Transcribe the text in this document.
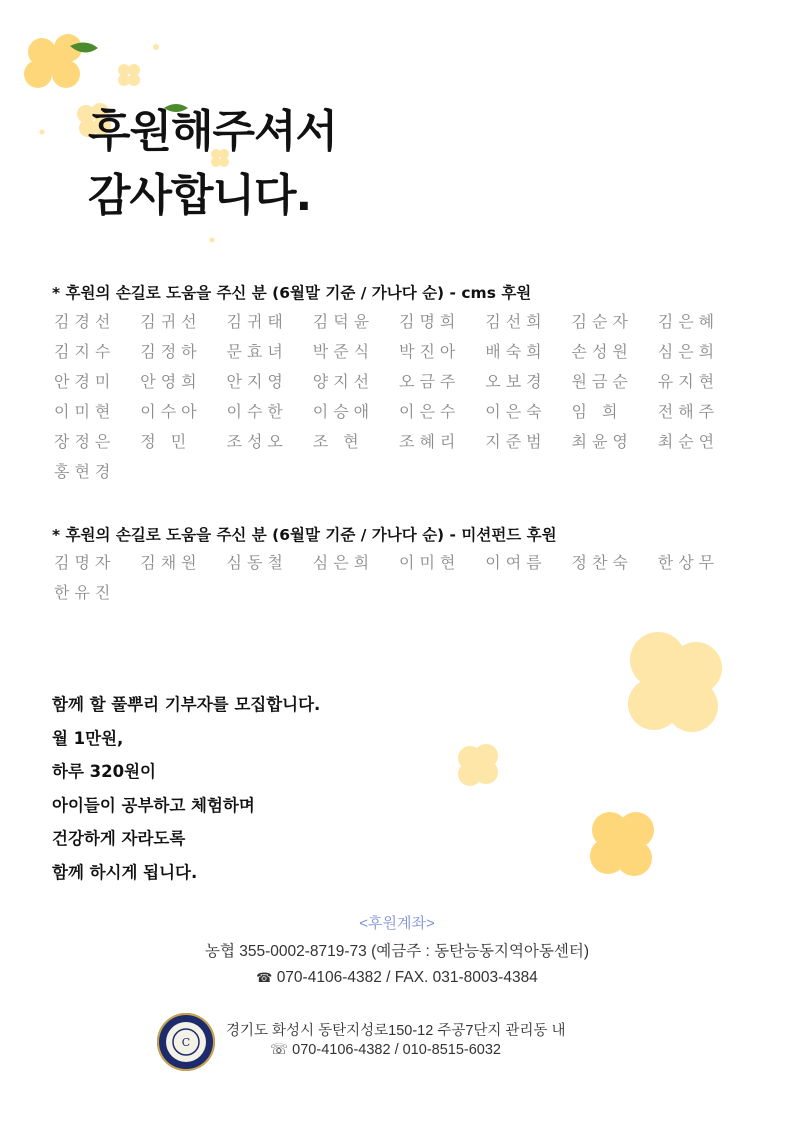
후원해주셔서
감사합니다.
* 후원의 손길로 도움을 주신 분 (6월말 기준 / 가나다 순) - cms 후원
김경선	김귀선	김귀태	김덕윤	김명희	김선희	김순자	김은혜
김지수	김정하	문효녀	박준식	박진아	배숙희	손성원	심은희
안경미	안영희	안지영	양지선	오금주	오보경	원금순	유지현
이미현	이수아	이수한	이승애	이은수	이은숙	임 희	전해주
장정은	정 민	조성오	조 현	조혜리	지준범	최윤영	최순연
홍현경
* 후원의 손길로 도움을 주신 분 (6월말 기준 / 가나다 순) - 미션펀드 후원
김명자	김채원	심동철	심은희	이미현	이여름	정찬숙	한상무
한유진
함께 할 풀뿌리 기부자를 모집합니다.
월 1만원,
하루 320원이
아이들이 공부하고 체험하며
건강하게 자라도록
함께 하시게 됩니다.
<후원계좌>
농협 355-0002-8719-73 (예금주 : 동탄능동지역아동센터)
☎ 070-4106-4382 / FAX. 031-8003-4384
C
경기도 화성시 동탄지성로150-12 주공7단지 관리동 내
☏ 070-4106-4382 / 010-8515-6032
